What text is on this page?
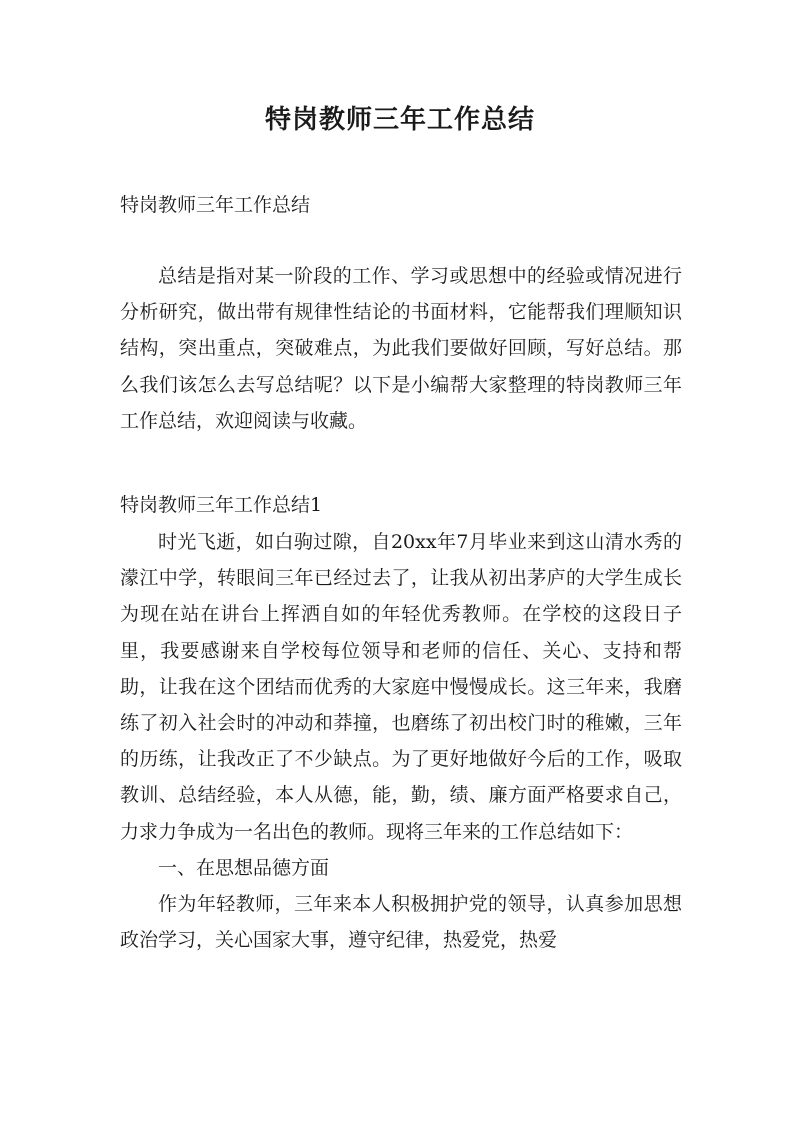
特岗教师三年工作总结

特岗教师三年工作总结

总结是指对某一阶段的工作、学习或思想中的经验或情况进行分析研究，做出带有规律性结论的书面材料，它能帮我们理顺知识结构，突出重点，突破难点，为此我们要做好回顾，写好总结。那么我们该怎么去写总结呢？以下是小编帮大家整理的特岗教师三年工作总结，欢迎阅读与收藏。

特岗教师三年工作总结1

时光飞逝，如白驹过隙，自20xx年7月毕业来到这山清水秀的濛江中学，转眼间三年已经过去了，让我从初出茅庐的大学生成长为现在站在讲台上挥洒自如的年轻优秀教师。在学校的这段日子里，我要感谢来自学校每位领导和老师的信任、关心、支持和帮助，让我在这个团结而优秀的大家庭中慢慢成长。这三年来，我磨练了初入社会时的冲动和莽撞，也磨练了初出校门时的稚嫩，三年的历练，让我改正了不少缺点。为了更好地做好今后的工作，吸取教训、总结经验，本人从德，能，勤，绩、廉方面严格要求自己，力求力争成为一名出色的教师。现将三年来的工作总结如下：

一、在思想品德方面

作为年轻教师，三年来本人积极拥护党的领导，认真参加思想政治学习，关心国家大事，遵守纪律，热爱党，热爱
